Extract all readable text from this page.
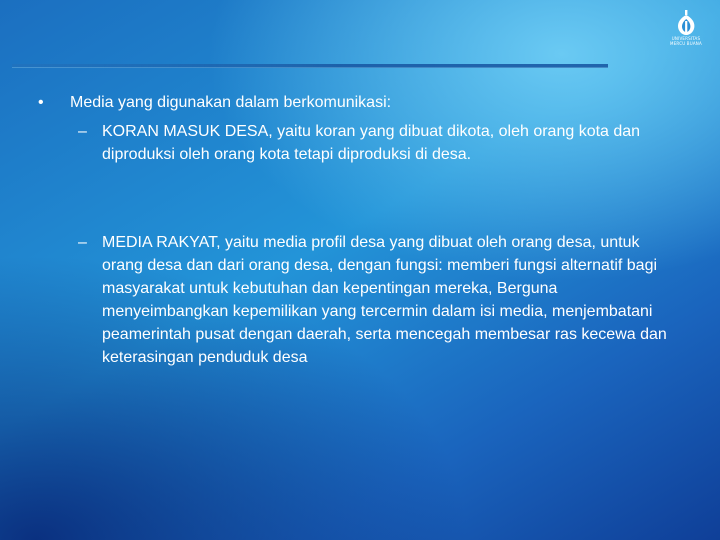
UNIVERSITAS
MERCU BUANA
• Media yang digunakan dalam berkomunikasi:
– KORAN MASUK DESA, yaitu koran yang dibuat dikota, oleh orang kota dan diproduksi oleh orang kota tetapi diproduksi di desa.
– MEDIA RAKYAT, yaitu media profil desa yang dibuat oleh orang desa, untuk orang desa dan dari orang desa, dengan fungsi: memberi fungsi alternatif bagi masyarakat untuk kebutuhan dan kepentingan mereka, Berguna menyeimbangkan kepemilikan yang tercermin dalam isi media, menjembatani peamerintah pusat dengan daerah, serta mencegah membesar ras kecewa dan keterasingan penduduk desa
